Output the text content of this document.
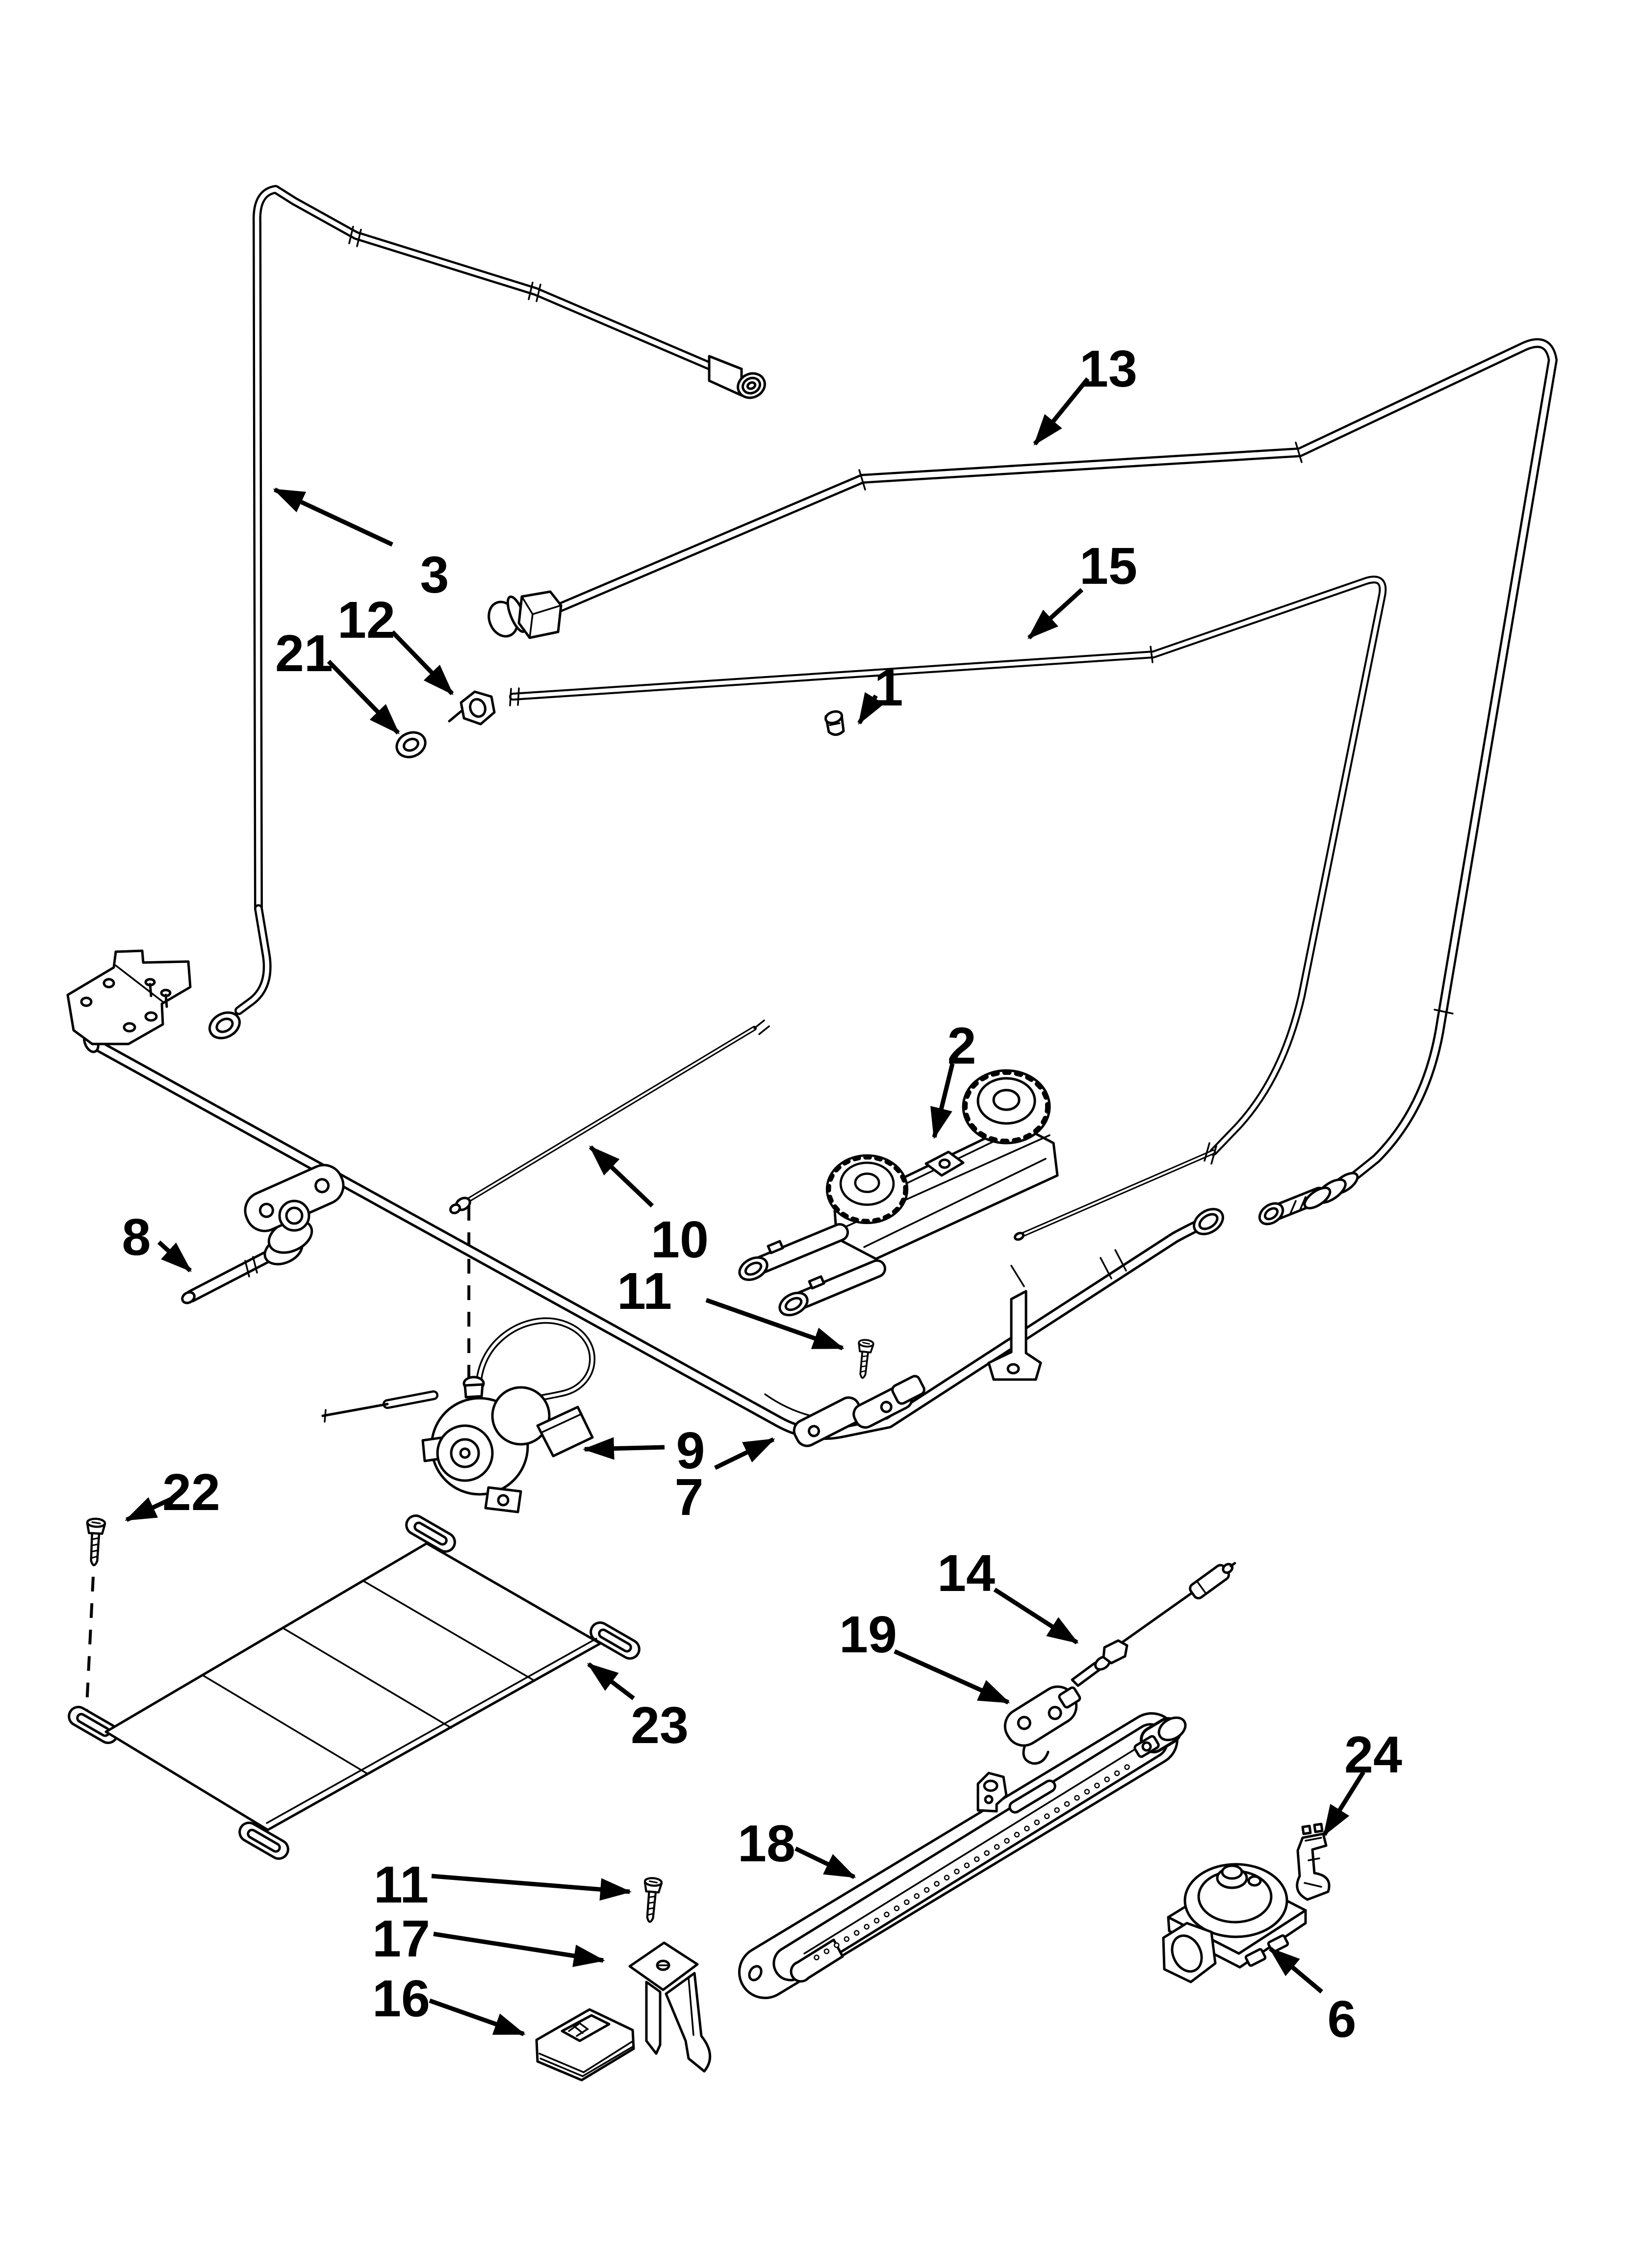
13
15
3
12
21
1
2
10
8
11
9
7
22
23
14
19
18
11
17
16
24
6
